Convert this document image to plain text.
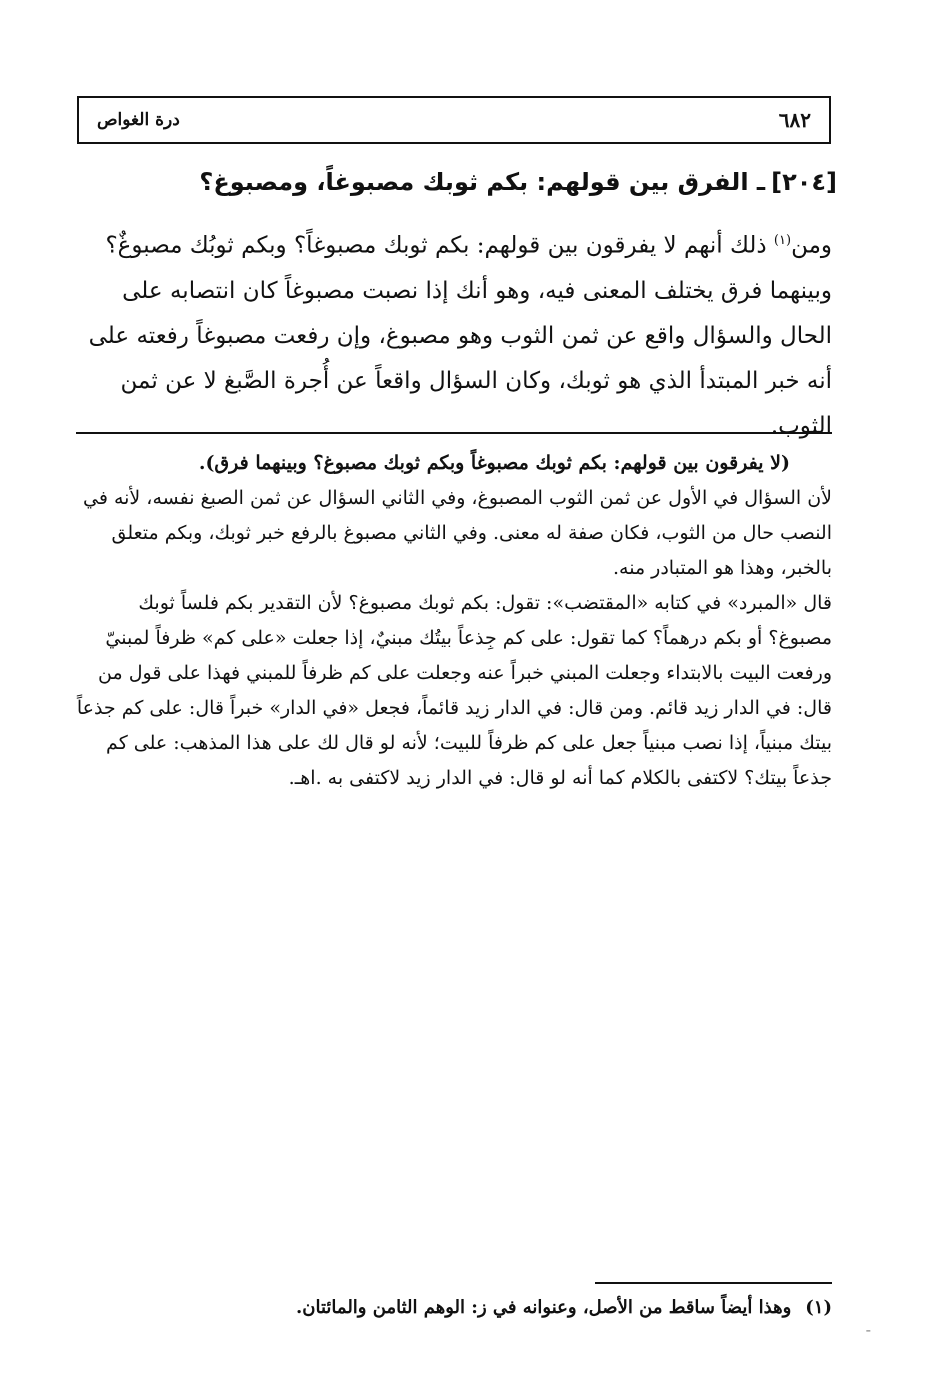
٦٨٢
درة الغواص
[٢٠٤]ـ الفرق بين قولهم: بكم ثوبك مصبوغاً، ومصبوغ؟

ومن$^{(١)}$ ذلك أنهم لا يفرقون بين قولهم: بكم ثوبك مصبوغاً؟ وبكم ثوبُك مصبوغٌ؟ وبينهما فرق يختلف المعنى فيه، وهو أنك إذا نصبت مصبوغاً كان انتصابه على الحال والسؤال واقع عن ثمن الثوب وهو مصبوغ، وإن رفعت مصبوغاً رفعته على أنه خبر المبتدأ الذي هو ثوبك، وكان السؤال واقعاً عن أُجرة الصَّبغ لا عن ثمن الثوب.

(لا يفرقون بين قولهم: بكم ثوبك مصبوغاً وبكم ثوبك مصبوغ؟ وبينهما فرق).

لأن السؤال في الأول عن ثمن الثوب المصبوغ، وفي الثاني السؤال عن ثمن الصبغ نفسه، لأنه في النصب حال من الثوب، فكان صفة له معنى. وفي الثاني مصبوغ بالرفع خبر ثوبك، وبكم متعلق بالخبر، وهذا هو المتبادر منه.

قال «المبرد» في كتابه «المقتضب»: تقول: بكم ثوبك مصبوغ؟ لأن التقدير بكم فلساً ثوبك مصبوغ؟ أو بكم درهماً؟ كما تقول: على كم جِذعاً بيتُك مبنيٌ، إذا جعلت «على كم» ظرفاً لمبنيّ ورفعت البيت بالابتداء وجعلت المبني خبراً عنه وجعلت على كم ظرفاً للمبني فهذا على قول من قال: في الدار زيد قائم. ومن قال: في الدار زيد قائماً، فجعل «في الدار» خبراً قال: على كم جذعاً بيتك مبنياً، إذا نصب مبنياً جعل على كم ظرفاً للبيت؛ لأنه لو قال لك على هذا المذهب: على كم جذعاً بيتك؟ لاكتفى بالكلام كما أنه لو قال: في الدار زيد لاكتفى به .اهـ.

(١)وهذا أيضاً ساقط من الأصل، وعنوانه في ز: الوهم الثامن والمائتان.
-
